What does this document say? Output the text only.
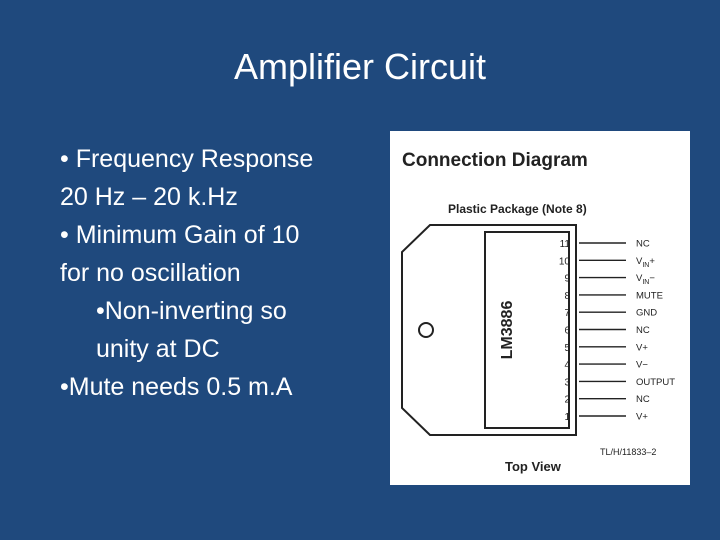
Amplifier Circuit
• Frequency Response
20 Hz – 20 k.Hz
• Minimum Gain of 10
for no oscillation
•Non-inverting so
unity at DC
•Mute needs 0.5 m.A
Connection Diagram
Plastic Package (Note 8)
LM3886
11	NC
10	$V_{IN}+$
9	$V_{IN}-$
8	MUTE
7	GND
6	NC
5	V+
4	V−
3	OUTPUT
2	NC
1	V+
TL/H/11833–2
Top View
